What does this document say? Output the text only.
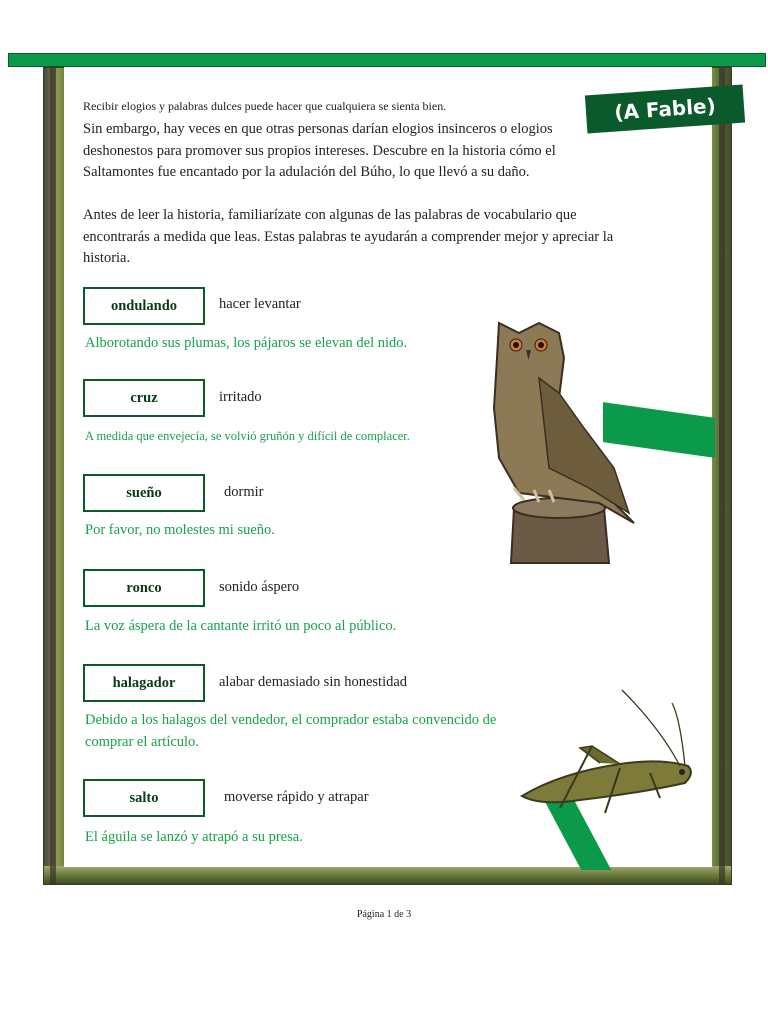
(A Fable)
Recibir elogios y palabras dulces puede hacer que cualquiera se sienta bien.

Sin embargo, hay veces en que otras personas darían elogios insinceros o elogios deshonestos para promover sus propios intereses. Descubre en la historia cómo el Saltamontes fue encantado por la adulación del Búho, lo que llevó a su daño.

Antes de leer la historia, familiarízate con algunas de las palabras de vocabulario que encontrarás a medida que leas. Estas palabras te ayudarán a comprender mejor y apreciar la historia.

ondulando	hacer levantar
Alborotando sus plumas, los pájaros se elevan del nido.
cruz	irritado
A medida que envejecía, se volvió gruñón y difícil de complacer.
sueño	dormir
Por favor, no molestes mi sueño.
ronco	sonido áspero
La voz áspera de la cantante irritó un poco al público.
halagador	alabar demasiado sin honestidad
Debido a los halagos del vendedor, el comprador estaba convencido de comprar el artículo.
salto	moverse rápido y atrapar
El águila se lanzó y atrapó a su presa.
Página 1 de 3
